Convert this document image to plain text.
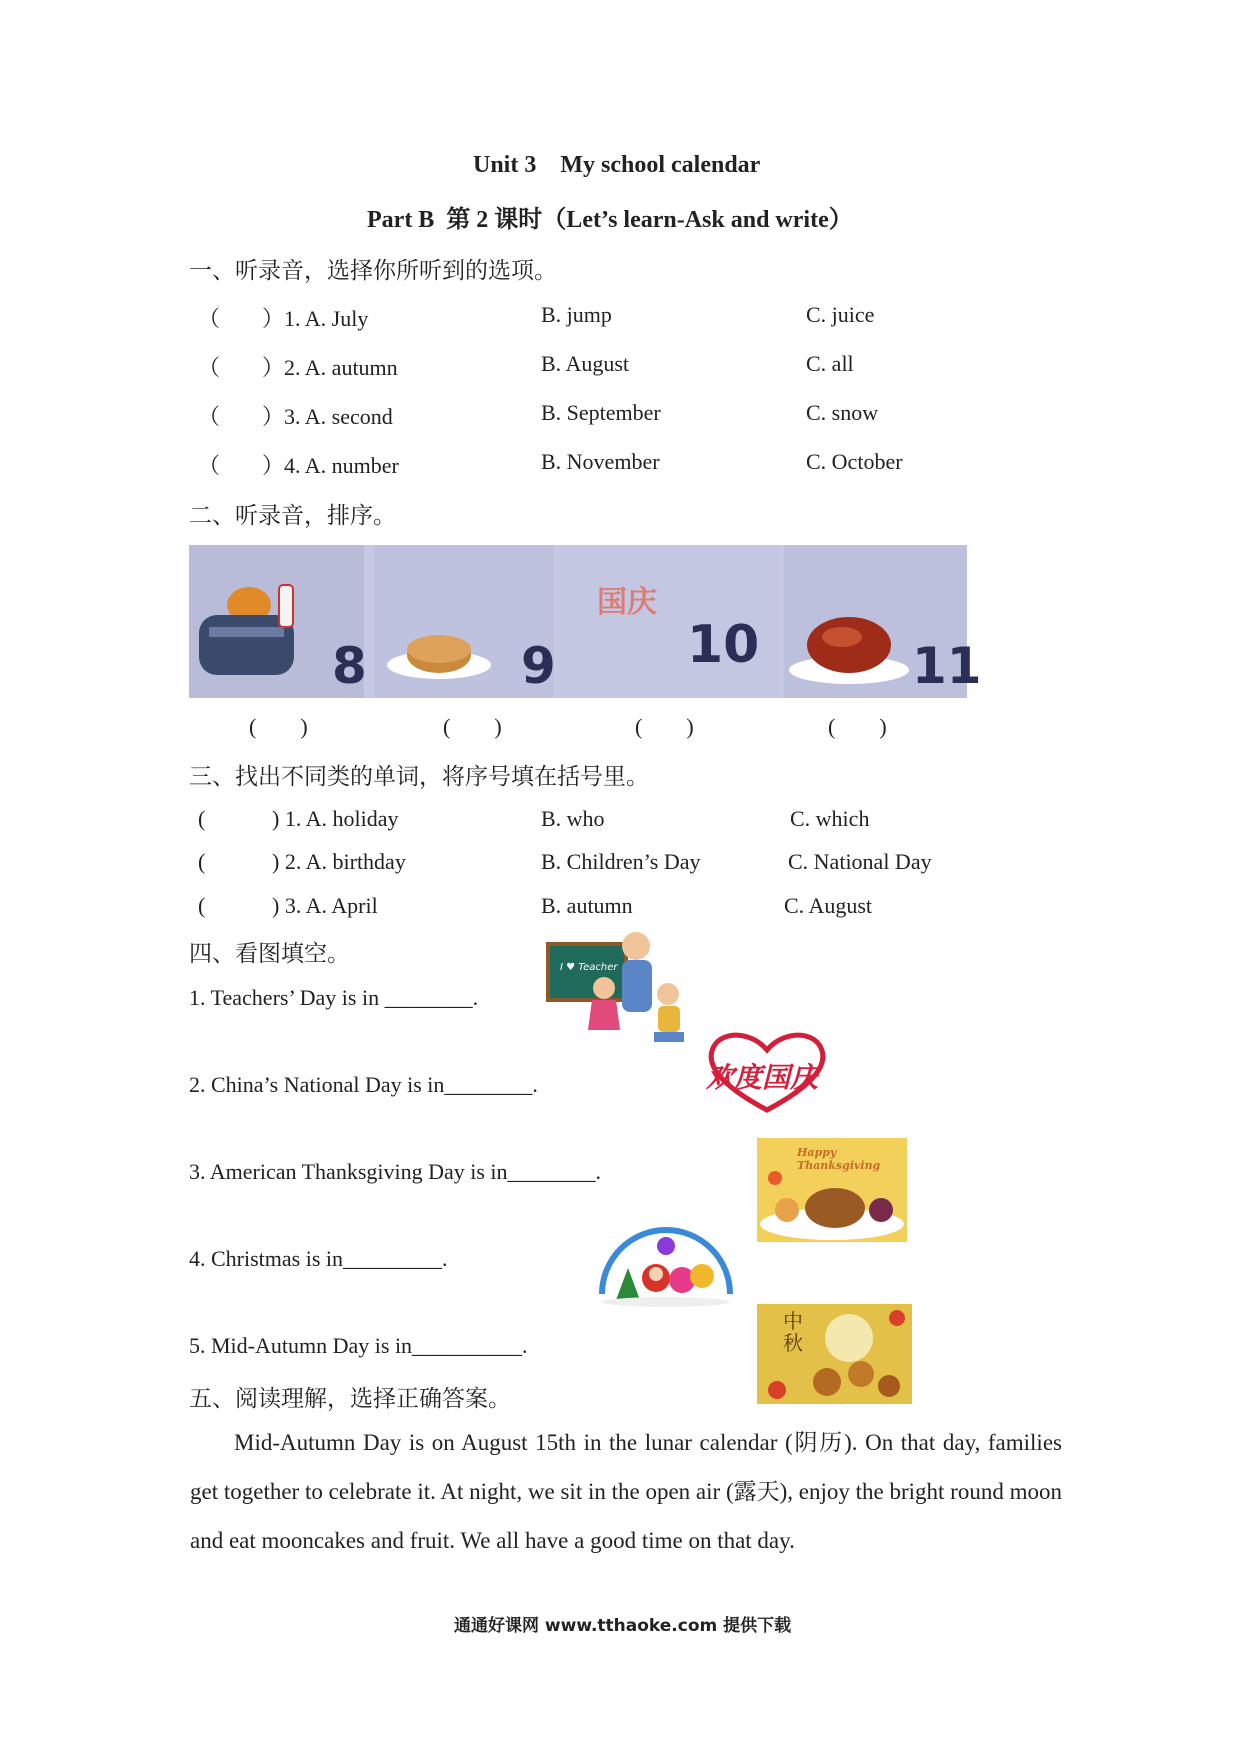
Unit 3    My school calendar
Part B  第 2 课时（Let’s learn-Ask and write）
一、听录音，选择你所听到的选项。
（ ）1. A. July	B. jump	C. juice
（ ）2. A. autumn	B. August	C. all
（ ）3. A. second	B. September	C. snow
（ ）4. A. number	B. November	C. October
二、听录音，排序。
8	9
国庆
10	11
(        )	(        )	(        )	(        )
三、找出不同类的单词，将序号填在括号里。
(	) 1. A. holiday	B. who	C. which
(	) 2. A. birthday	B. Children’s Day	C. National Day
(	) 3. A. April	B. autumn	C. August
四、看图填空。
1. Teachers’ Day is in ________.
2. China’s National Day is in________.
3. American Thanksgiving Day is in________.
4. Christmas is in_________.
5. Mid-Autumn Day is in__________.
I ♥ Teacher
欢度国庆
Happy Thanksgiving
中秋
五、阅读理解，选择正确答案。
Mid-Autumn Day is on August 15th in the lunar calendar (阴历). On that day, families get together to celebrate it. At night, we sit in the open air (露天), enjoy the bright round moon and eat mooncakes and fruit. We all have a good time on that day.
通通好课网 www.tthaoke.com 提供下载
